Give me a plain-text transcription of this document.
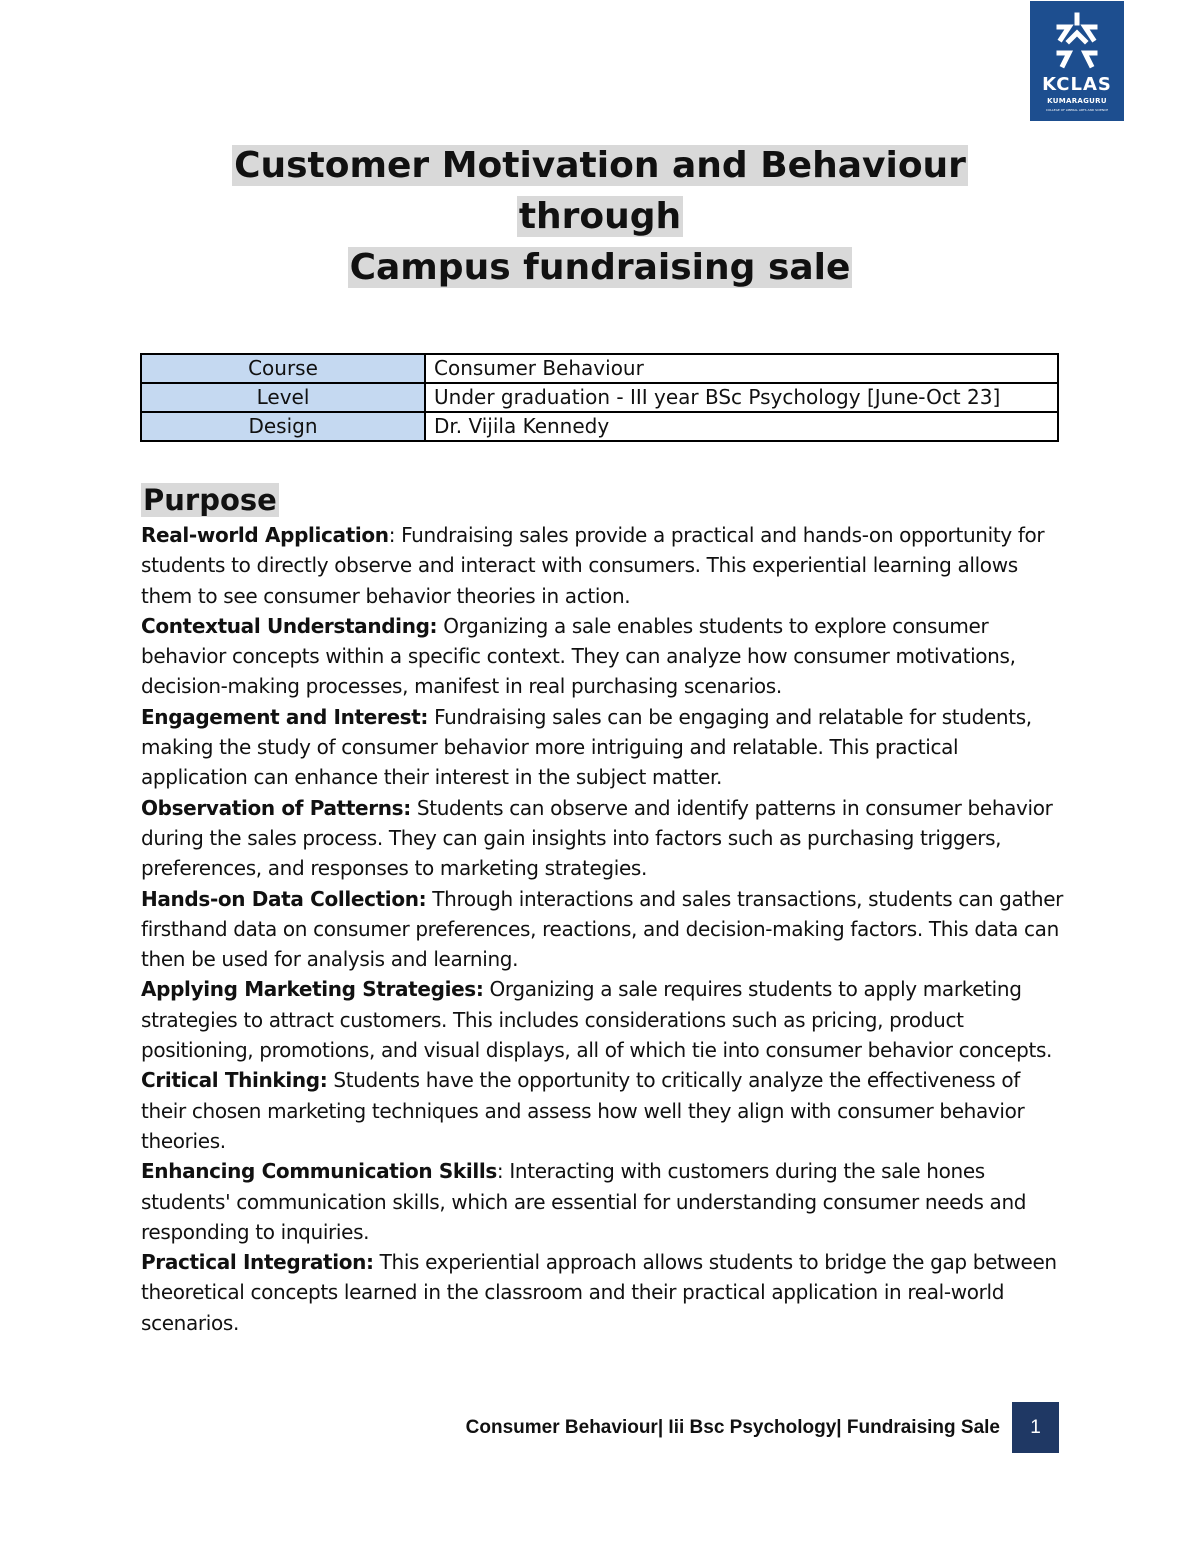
KCLAS
KUMARAGURU
COLLEGE OF LIBERAL ARTS AND SCIENCE
Customer Motivation and Behaviour
through
Campus fundraising sale
Course	Consumer Behaviour
Level	Under graduation - III year BSc Psychology [June-Oct 23]
Design	Dr. Vijila Kennedy
Purpose

Real-world Application: Fundraising sales provide a practical and hands-on opportunity for students to directly observe and interact with consumers. This experiential learning allows them to see consumer behavior theories in action.

Contextual Understanding: Organizing a sale enables students to explore consumer behavior concepts within a specific context. They can analyze how consumer motivations, decision-making processes, manifest in real purchasing scenarios.

Engagement and Interest: Fundraising sales can be engaging and relatable for students, making the study of consumer behavior more intriguing and relatable. This practical application can enhance their interest in the subject matter.

Observation of Patterns: Students can observe and identify patterns in consumer behavior during the sales process. They can gain insights into factors such as purchasing triggers, preferences, and responses to marketing strategies.

Hands-on Data Collection: Through interactions and sales transactions, students can gather firsthand data on consumer preferences, reactions, and decision-making factors. This data can then be used for analysis and learning.

Applying Marketing Strategies: Organizing a sale requires students to apply marketing strategies to attract customers. This includes considerations such as pricing, product positioning, promotions, and visual displays, all of which tie into consumer behavior concepts.

Critical Thinking: Students have the opportunity to critically analyze the effectiveness of their chosen marketing techniques and assess how well they align with consumer behavior theories.

Enhancing Communication Skills: Interacting with customers during the sale hones students' communication skills, which are essential for understanding consumer needs and responding to inquiries.

Practical Integration: This experiential approach allows students to bridge the gap between theoretical concepts learned in the classroom and their practical application in real-world scenarios.

Consumer Behaviour| Iii Bsc Psychology| Fundraising Sale	1
